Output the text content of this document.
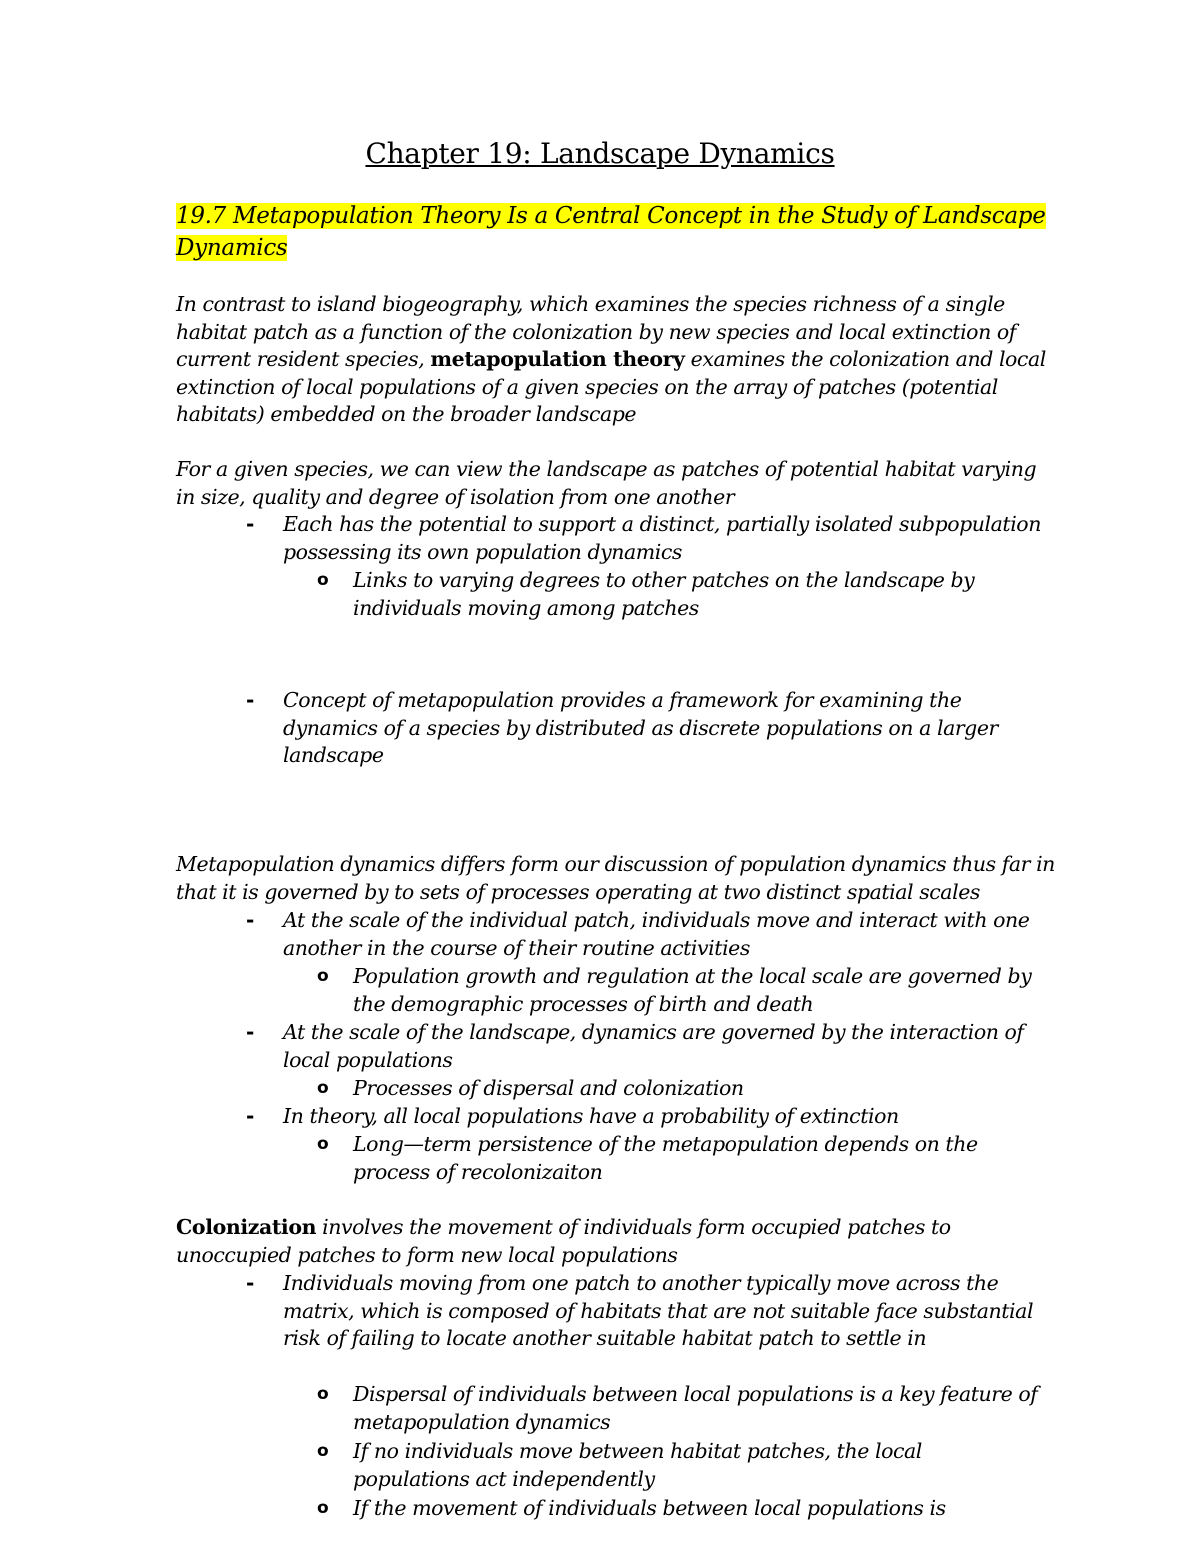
Chapter 19: Landscape Dynamics
19.7 Metapopulation Theory Is a Central Concept in the Study of Landscape Dynamics

In contrast to island biogeography, which examines the species richness of a single habitat patch as a function of the colonization by new species and local extinction of current resident species, metapopulation theory examines the colonization and local extinction of local populations of a given species on the array of patches (potential habitats) embedded on the broader landscape

For a given species, we can view the landscape as patches of potential habitat varying in size, quality and degree of isolation from one another

- Each has the potential to support a distinct, partially isolated subpopulation possessing its own population dynamics

o Links to varying degrees to other patches on the landscape by individuals moving among patches

- Concept of metapopulation provides a framework for examining the dynamics of a species by distributed as discrete populations on a larger landscape

Metapopulation dynamics differs form our discussion of population dynamics thus far in that it is governed by to sets of processes operating at two distinct spatial scales

- At the scale of the individual patch, individuals move and interact with one another in the course of their routine activities

o Population growth and regulation at the local scale are governed by the demographic processes of birth and death

- At the scale of the landscape, dynamics are governed by the interaction of local populations

o Processes of dispersal and colonization

- In theory, all local populations have a probability of extinction

o Long—term persistence of the metapopulation depends on the process of recolonizaiton

Colonization involves the movement of individuals form occupied patches to unoccupied patches to form new local populations

- Individuals moving from one patch to another typically move across the matrix, which is composed of habitats that are not suitable face substantial risk of failing to locate another suitable habitat patch to settle in

o Dispersal of individuals between local populations is a key feature of metapopulation dynamics

o If no individuals move between habitat patches, the local populations act independently

o If the movement of individuals between local populations is
